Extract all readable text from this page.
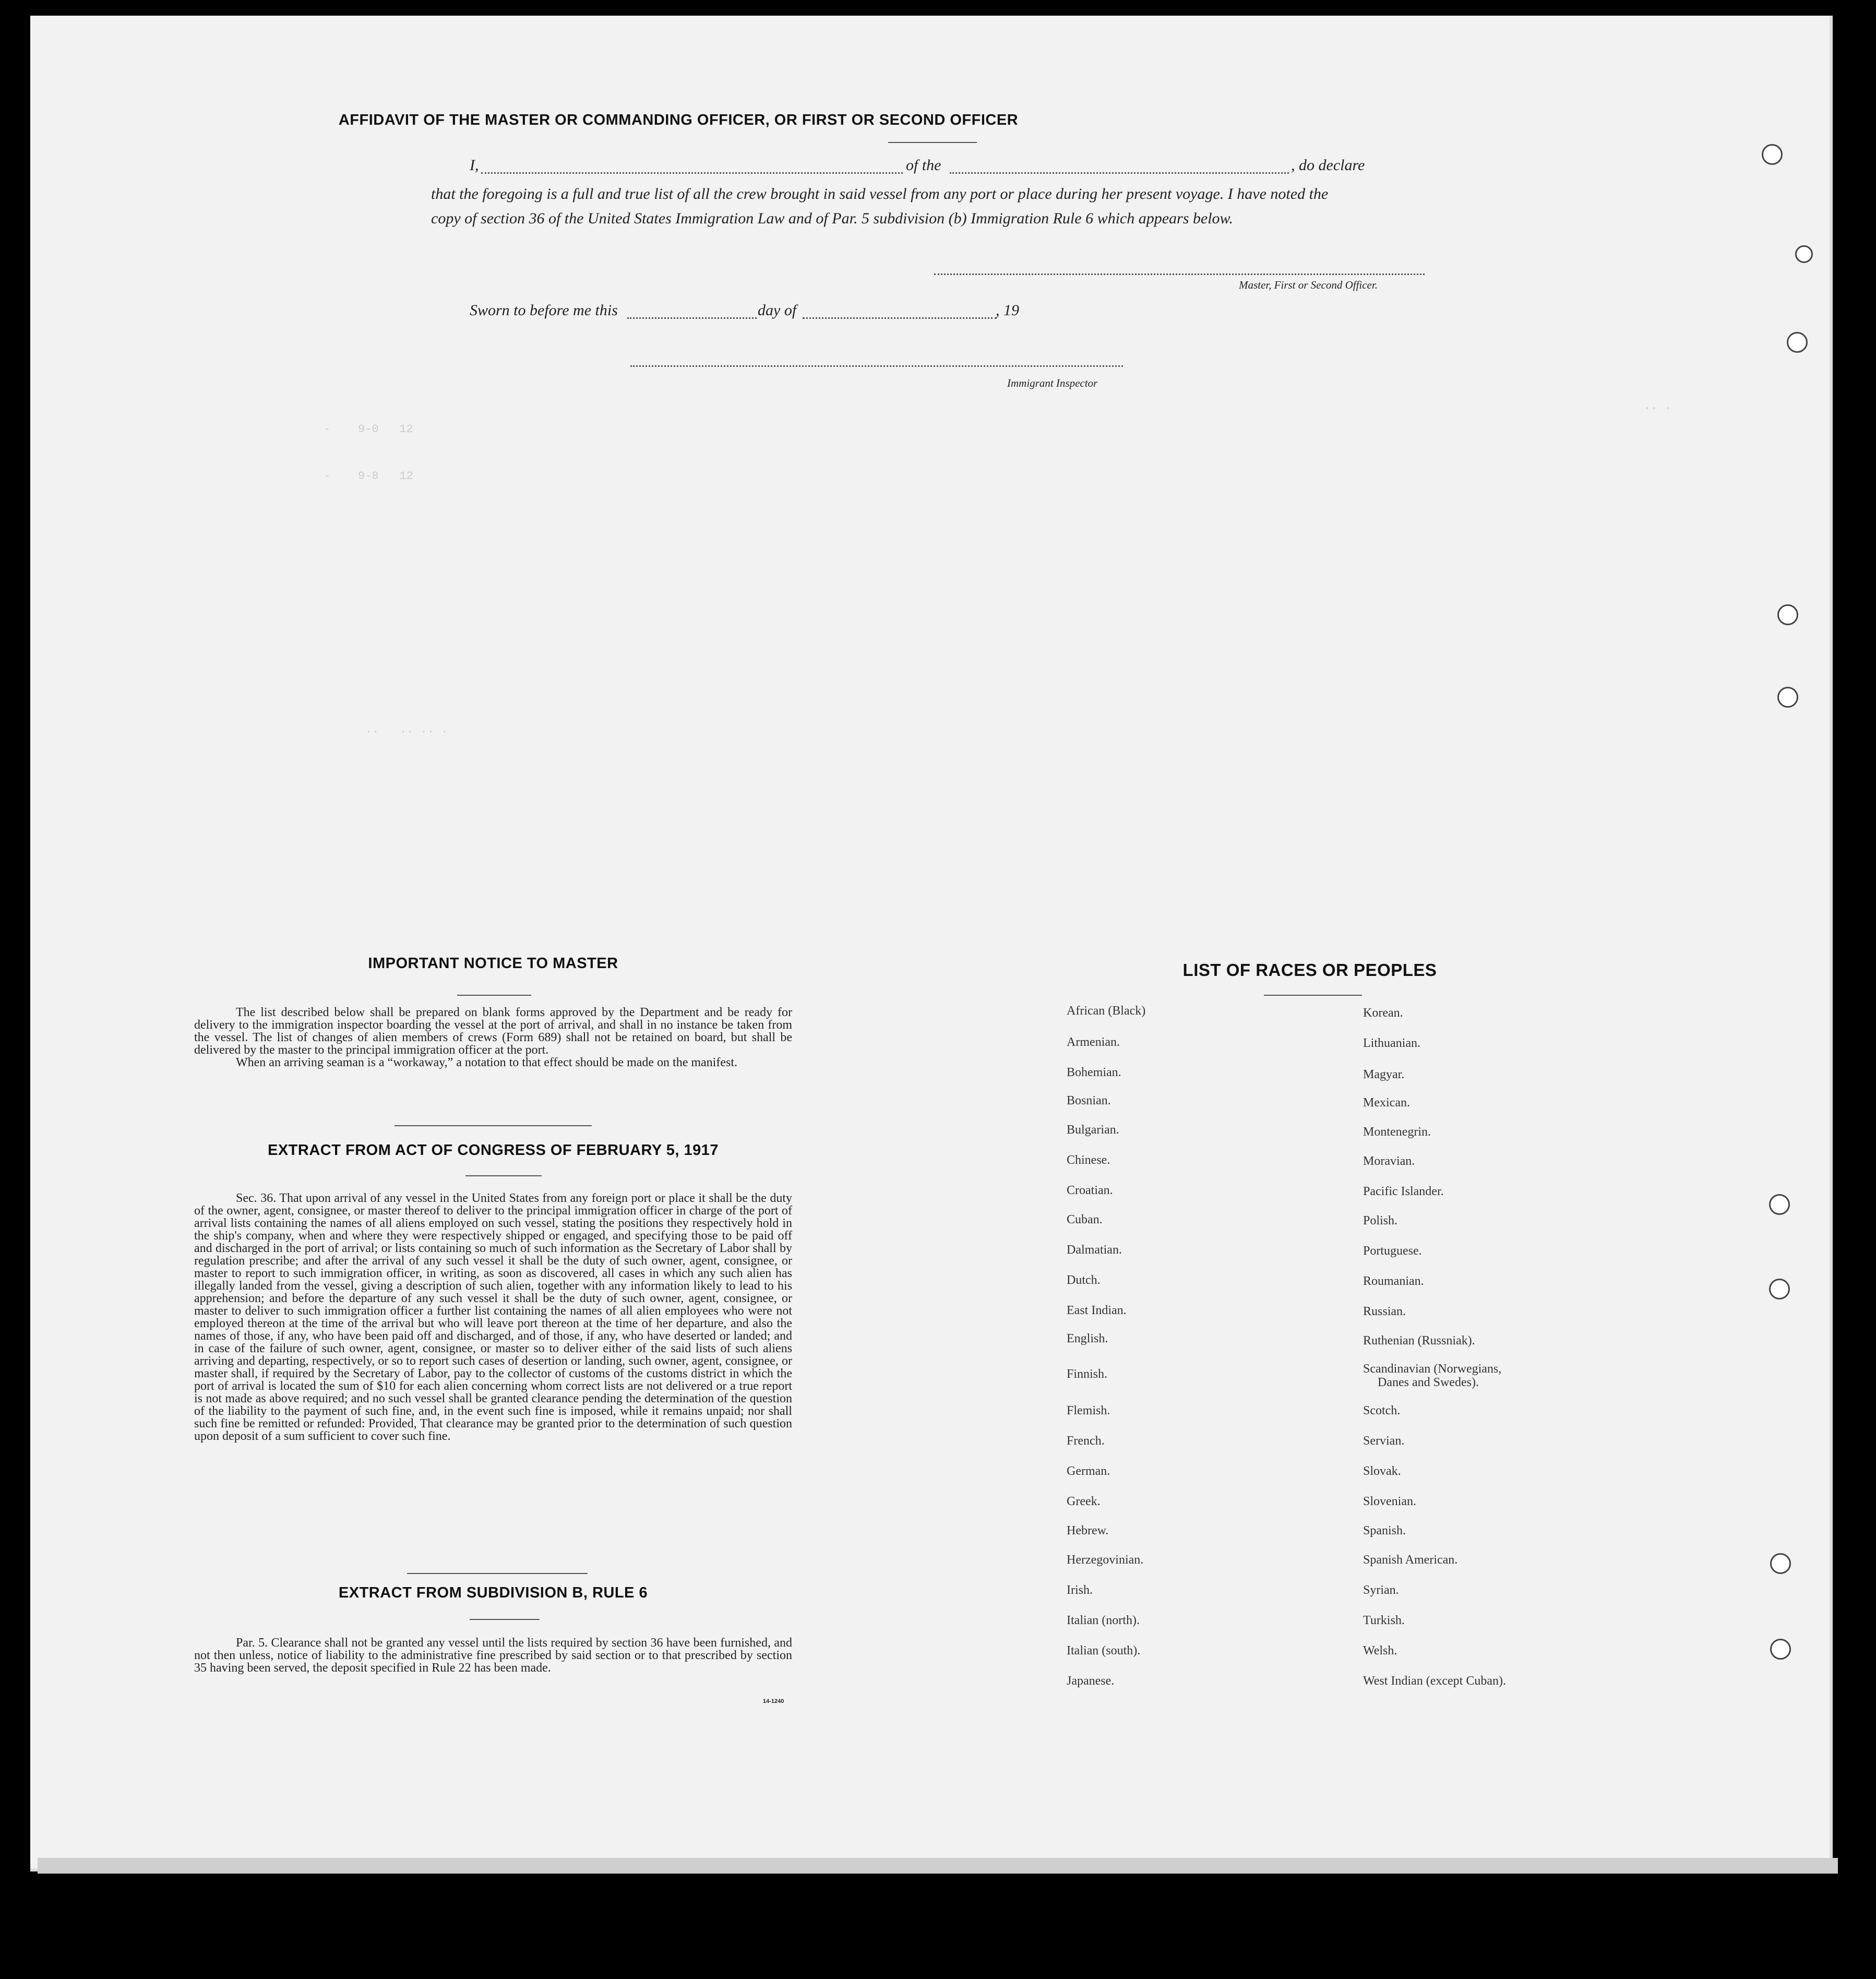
-    9-0   12
-    9-8   12
··   ·· ·· ·
·· ·
AFFIDAVIT OF THE MASTER OR COMMANDING OFFICER, OR FIRST OR SECOND OFFICER
I,	of the	, do declare
that the foregoing is a full and true list of all the crew brought in said vessel from any port or place during her present voyage. I have noted the
copy of section 36 of the United States Immigration Law and of Par. 5 subdivision (b) Immigration Rule 6 which appears below.
Master, First or Second Officer.
Sworn to before me this	day of	, 19
Immigrant Inspector
IMPORTANT NOTICE TO MASTER

The list described below shall be prepared on blank forms approved by the Department and be ready for delivery to the immigration inspector boarding the vessel at the port of arrival, and shall in no instance be taken from the vessel. The list of changes of alien members of crews (Form 689) shall not be retained on board, but shall be delivered by the master to the principal immigration officer at the port.

When an arriving seaman is a “workaway,” a notation to that effect should be made on the manifest.

EXTRACT FROM ACT OF CONGRESS OF FEBRUARY 5, 1917

Sec. 36. That upon arrival of any vessel in the United States from any foreign port or place it shall be the duty of the owner, agent, consignee, or master thereof to deliver to the principal immigration officer in charge of the port of arrival lists containing the names of all aliens employed on such vessel, stating the positions they respectively hold in the ship's company, when and where they were respectively shipped or engaged, and specifying those to be paid off and discharged in the port of arrival; or lists containing so much of such information as the Secretary of Labor shall by regulation prescribe; and after the arrival of any such vessel it shall be the duty of such owner, agent, consignee, or master to report to such immigration officer, in writing, as soon as discovered, all cases in which any such alien has illegally landed from the vessel, giving a description of such alien, together with any information likely to lead to his apprehension; and before the departure of any such vessel it shall be the duty of such owner, agent, consignee, or master to deliver to such immigration officer a further list containing the names of all alien employees who were not employed thereon at the time of the arrival but who will leave port thereon at the time of her departure, and also the names of those, if any, who have been paid off and discharged, and of those, if any, who have deserted or landed; and in case of the failure of such owner, agent, consignee, or master so to deliver either of the said lists of such aliens arriving and departing, respectively, or so to report such cases of desertion or landing, such owner, agent, consignee, or master shall, if required by the Secretary of Labor, pay to the collector of customs of the customs district in which the port of arrival is located the sum of $10 for each alien concerning whom correct lists are not delivered or a true report is not made as above required; and no such vessel shall be granted clearance pending the determination of the question of the liability to the payment of such fine, and, in the event such fine is imposed, while it remains unpaid; nor shall such fine be remitted or refunded: Provided, That clearance may be granted prior to the determination of such question upon deposit of a sum sufficient to cover such fine.

EXTRACT FROM SUBDIVISION B, RULE 6

Par. 5. Clearance shall not be granted any vessel until the lists required by section 36 have been furnished, and not then unless, notice of liability to the administrative fine prescribed by said section or to that prescribed by section 35 having been served, the deposit specified in Rule 22 has been made.

14-1240
LIST OF RACES OR PEOPLES
African (Black)
Armenian.
Bohemian.
Bosnian.
Bulgarian.
Chinese.
Croatian.
Cuban.
Dalmatian.
Dutch.
East Indian.
English.
Finnish.
Flemish.
French.
German.
Greek.
Hebrew.
Herzegovinian.
Irish.
Italian (north).
Italian (south).
Japanese.
Korean.
Lithuanian.
Magyar.
Mexican.
Montenegrin.
Moravian.
Pacific Islander.
Polish.
Portuguese.
Roumanian.
Russian.
Ruthenian (Russniak).
Scandinavian (Norwegians,
Scotch.
Servian.
Slovak.
Slovenian.
Spanish.
Spanish American.
Syrian.
Turkish.
Welsh.
West Indian (except Cuban).
Danes and Swedes).
